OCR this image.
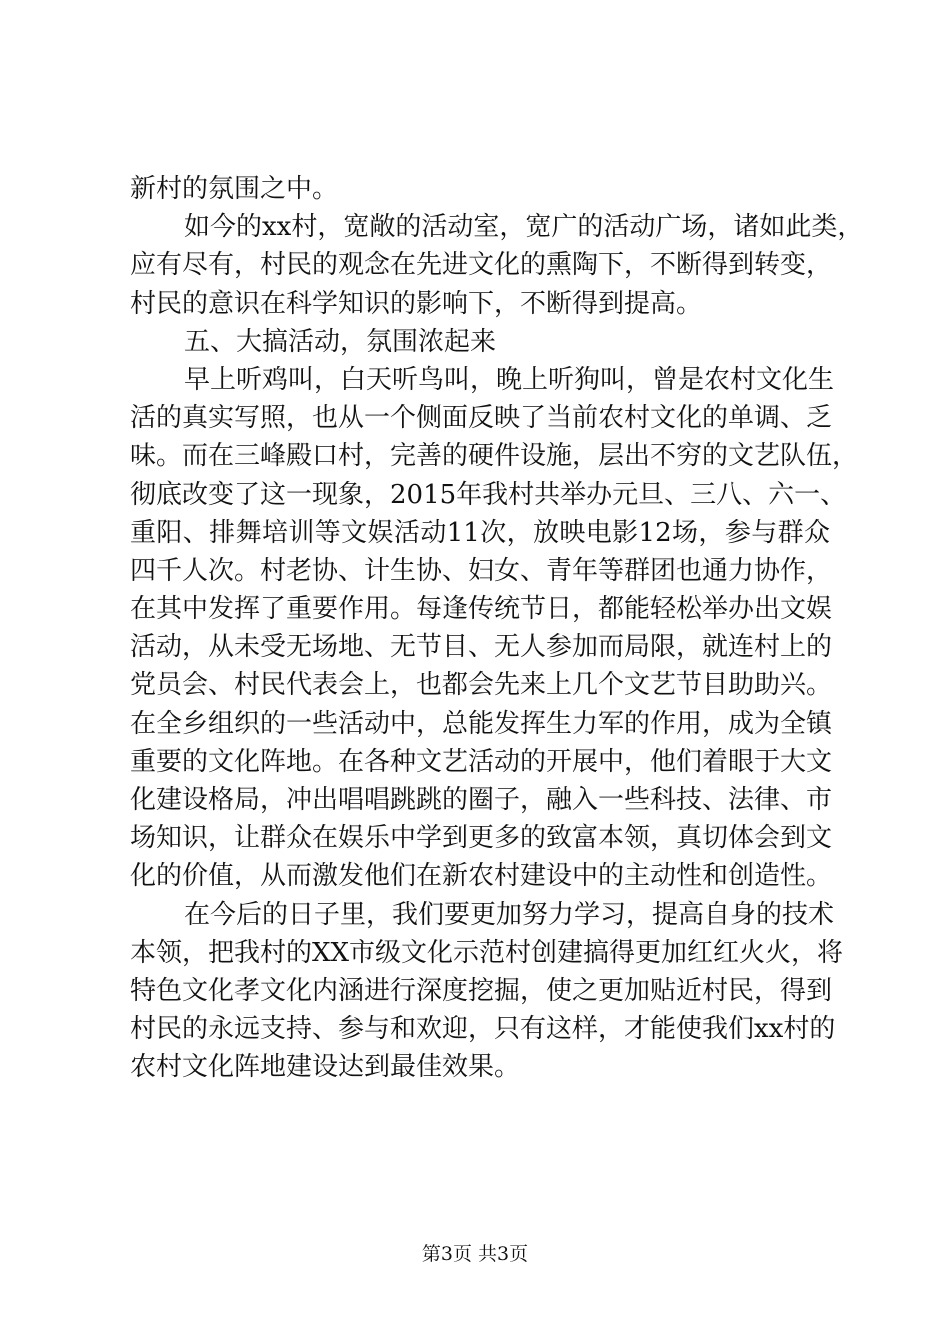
新村的氛围之中。
如今的xx村，宽敞的活动室，宽广的活动广场，诸如此类，
应有尽有，村民的观念在先进文化的熏陶下，不断得到转变，
村民的意识在科学知识的影响下，不断得到提高。
五、大搞活动，氛围浓起来
早上听鸡叫，白天听鸟叫，晚上听狗叫，曾是农村文化生
活的真实写照，也从一个侧面反映了当前农村文化的单调、乏
味。而在三峰殿口村，完善的硬件设施，层出不穷的文艺队伍，
彻底改变了这一现象，2015年我村共举办元旦、三八、六一、
重阳、排舞培训等文娱活动11次，放映电影12场，参与群众
四千人次。村老协、计生协、妇女、青年等群团也通力协作，
在其中发挥了重要作用。每逢传统节日，都能轻松举办出文娱
活动，从未受无场地、无节目、无人参加而局限，就连村上的
党员会、村民代表会上，也都会先来上几个文艺节目助助兴。
在全乡组织的一些活动中，总能发挥生力军的作用，成为全镇
重要的文化阵地。在各种文艺活动的开展中，他们着眼于大文
化建设格局，冲出唱唱跳跳的圈子，融入一些科技、法律、市
场知识，让群众在娱乐中学到更多的致富本领，真切体会到文
化的价值，从而激发他们在新农村建设中的主动性和创造性。
在今后的日子里，我们要更加努力学习，提高自身的技术
本领，把我村的XX市级文化示范村创建搞得更加红红火火，将
特色文化孝文化内涵进行深度挖掘，使之更加贴近村民，得到
村民的永远支持、参与和欢迎，只有这样，才能使我们xx村的
农村文化阵地建设达到最佳效果。
第3页 共3页
